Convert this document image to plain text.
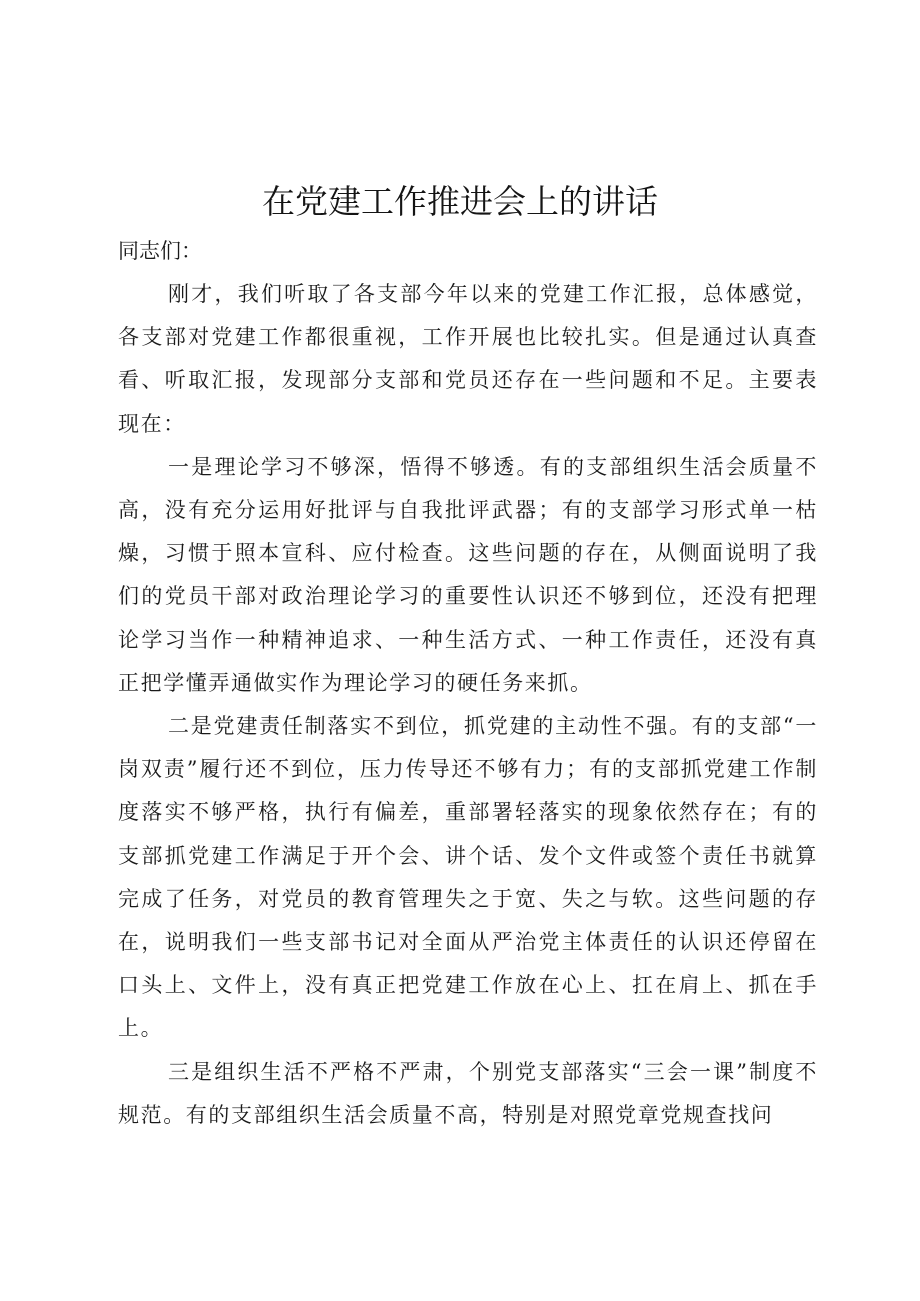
在党建工作推进会上的讲话

同志们：

刚才，我们听取了各支部今年以来的党建工作汇报，总体感觉，各支部对党建工作都很重视，工作开展也比较扎实。但是通过认真查看、听取汇报，发现部分支部和党员还存在一些问题和不足。主要表现在：

一是理论学习不够深，悟得不够透。有的支部组织生活会质量不高，没有充分运用好批评与自我批评武器；有的支部学习形式单一枯燥，习惯于照本宣科、应付检查。这些问题的存在，从侧面说明了我们的党员干部对政治理论学习的重要性认识还不够到位，还没有把理论学习当作一种精神追求、一种生活方式、一种工作责任，还没有真正把学懂弄通做实作为理论学习的硬任务来抓。

二是党建责任制落实不到位，抓党建的主动性不强。有的支部“一岗双责”履行还不到位，压力传导还不够有力；有的支部抓党建工作制度落实不够严格，执行有偏差，重部署轻落实的现象依然存在；有的支部抓党建工作满足于开个会、讲个话、发个文件或签个责任书就算完成了任务，对党员的教育管理失之于宽、失之与软。这些问题的存在，说明我们一些支部书记对全面从严治党主体责任的认识还停留在口头上、文件上，没有真正把党建工作放在心上、扛在肩上、抓在手上。

三是组织生活不严格不严肃，个别党支部落实“三会一课”制度不规范。有的支部组织生活会质量不高，特别是对照党章党规查找问
